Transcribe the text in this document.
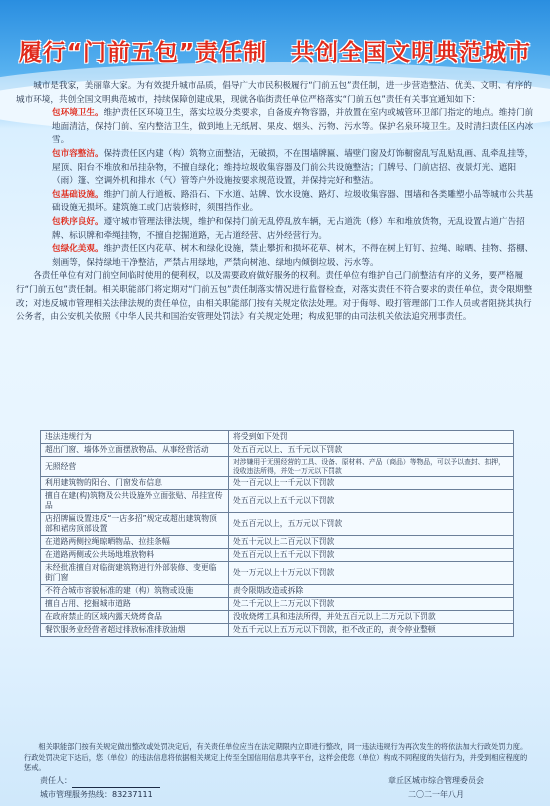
履行“门前五包”责任制　共创全国文明典范城市

城市是我家，美丽靠大家。为有效提升城市品质，倡导广大市民积极履行“门前五包”责任制，进一步营造整洁、优美、文明、有序的城市环境，共创全国文明典范城市，持续保障创建成果，现就各临街责任单位严格落实“门前五包”责任有关事宜通知如下：

包环境卫生。维护责任区环境卫生，落实垃圾分类要求，自备废弃物容器，并放置在室内或城管环卫部门指定的地点。维持门前地面清洁，保持门前、室内整洁卫生，做到地上无纸屑、果皮、烟头、污物、污水等。保护名泉环境卫生。及时清扫责任区内冰雪。

包市容整洁。保持责任区内建（构）筑物立面整洁，无破损，不在围墙牌匾、墙壁门窗及灯饰橱窗乱写乱贴乱画、乱牵乱挂等，屋顶、阳台不堆放和吊挂杂物，不擅自绿化；维持垃圾收集容器及门前公共设施整洁；门牌号、门前店招、夜景灯光、遮阳（雨）篷、空调外机和排水（气）管等户外设施按要求规范设置，并保持完好和整洁。

包基础设施。维护门前人行道板、路沿石、下水道、站牌、饮水设施、路灯、垃圾收集容器、围墙和各类雕塑小品等城市公共基础设施无损坏。建筑施工或门店装修时，须围挡作业。

包秩序良好。遵守城市管理法律法规，维护和保持门前无乱停乱放车辆，无占道洗（修）车和堆放货物，无乱设置占道广告招牌、标识牌和牵绳挂物，不擅自挖掘道路，无占道经营、店外经营行为。

包绿化美观。维护责任区内花草、树木和绿化设施，禁止攀折和损坏花草、树木，不得在树上钉钉、拉绳、晾晒、挂物、搭棚、刻画等，保持绿地干净整洁，严禁占用绿地，严禁向树池、绿地内倾倒垃圾、污水等。

各责任单位有对门前空间临时使用的便利权，以及需要政府做好服务的权利。责任单位有维护自己门前整洁有序的义务，要严格履行“门前五包”责任制。相关职能部门将定期对“门前五包”责任制落实情况进行监督检查，对落实责任不符合要求的责任单位，责令限期整改；对违反城市管理相关法律法规的责任单位，由相关职能部门按有关规定依法处理。对于侮辱、殴打管理部门工作人员或者阻挠其执行公务者，由公安机关依照《中华人民共和国治安管理处罚法》有关规定处理；构成犯罪的由司法机关依法追究刑事责任。

违法违规行为	将受到如下处罚
超出门窗、墙体外立面摆放物品、从事经营活动	处五百元以上、五千元以下罚款
无照经营	对涉嫌用于无照经营的工具、设备、原材料、产品（商品）等物品，可以予以查封、扣押，没收违法所得，并处一万元以下罚款
利用建筑物的阳台、门窗发布信息	处一百元以上一千元以下罚款
擅自在建(构)筑物及公共设施外立面张贴、吊挂宣传品	处五百元以上五千元以下罚款
店招牌匾设置违反“一店多招”规定或超出建筑物顶部和裙房顶部设置	处五百元以上，五万元以下罚款
在道路两侧拉绳晾晒物品、拉挂条幅	处五十元以上二百元以下罚款
在道路两侧或公共场地堆放物料	处五百元以上五千元以下罚款
未经批准擅自对临街建筑物进行外部装修、变更临街门窗	处一万元以上十万元以下罚款
不符合城市容貌标准的建（构）筑物或设施	责令限期改造或拆除
擅自占用、挖掘城市道路	处二千元以上二万元以下罚款
在政府禁止的区域内露天烧烤食品	没收烧烤工具和违法所得，并处五百元以上二万元以下罚款
餐饮服务业经营者超过排放标准排放油烟	处五千元以上五万元以下罚款，拒不改正的，责令停业整顿

相关职能部门按有关规定做出整改或处罚决定后，有关责任单位应当在法定期限内立即进行整改，同一违法违规行为再次发生的将依法加大行政处罚力度。行政处罚决定下达后，您（单位）的违法信息将依据相关规定上传至全国信用信息共享平台，这样会使您（单位）构成不同程度的失信行为，并受到相应程度的惩戒。

责任人：
城市管理服务热线：83237111
章丘区城市综合管理委员会
二〇二一年八月
